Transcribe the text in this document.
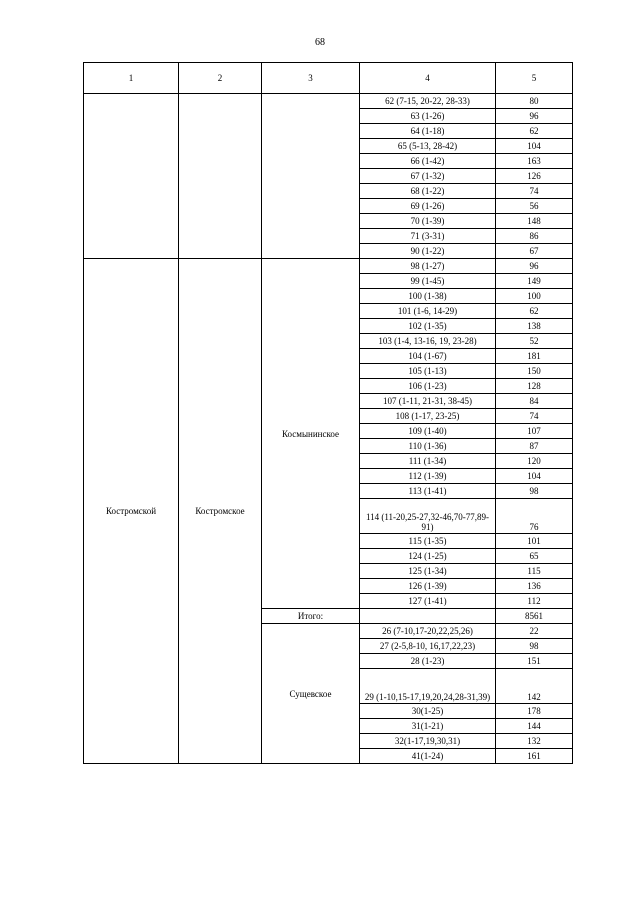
68
1	2	3	4	5
			62 (7-15, 20-22, 28-33)	80
			63 (1-26)	96
			64 (1-18)	62
			65 (5-13, 28-42)	104
			66 (1-42)	163
			67 (1-32)	126
			68 (1-22)	74
			69 (1-26)	56
			70 (1-39)	148
			71 (3-31)	86
			90 (1-22)	67
Костромской	Костромское	Космынинское	98 (1-27)	96
			99 (1-45)	149
			100 (1-38)	100
			101 (1-6, 14-29)	62
			102 (1-35)	138
			103 (1-4, 13-16, 19, 23-28)	52
			104 (1-67)	181
			105 (1-13)	150
			106 (1-23)	128
			107 (1-11, 21-31, 38-45)	84
			108 (1-17, 23-25)	74
			109 (1-40)	107
			110 (1-36)	87
			111 (1-34)	120
			112 (1-39)	104
			113 (1-41)	98
			114 (11-20,25-27,32-46,70-77,89-91)	76
			115 (1-35)	101
			124 (1-25)	65
			125 (1-34)	115
			126 (1-39)	136
			127 (1-41)	112
		Итого:		8561
		Сущевское	26 (7-10,17-20,22,25,26)	22
			27 (2-5,8-10, 16,17,22,23)	98
			28 (1-23)	151
			29 (1-10,15-17,19,20,24,28-31,39)	142
			30(1-25)	178
			31(1-21)	144
			32(1-17,19,30,31)	132
			41(1-24)	161
